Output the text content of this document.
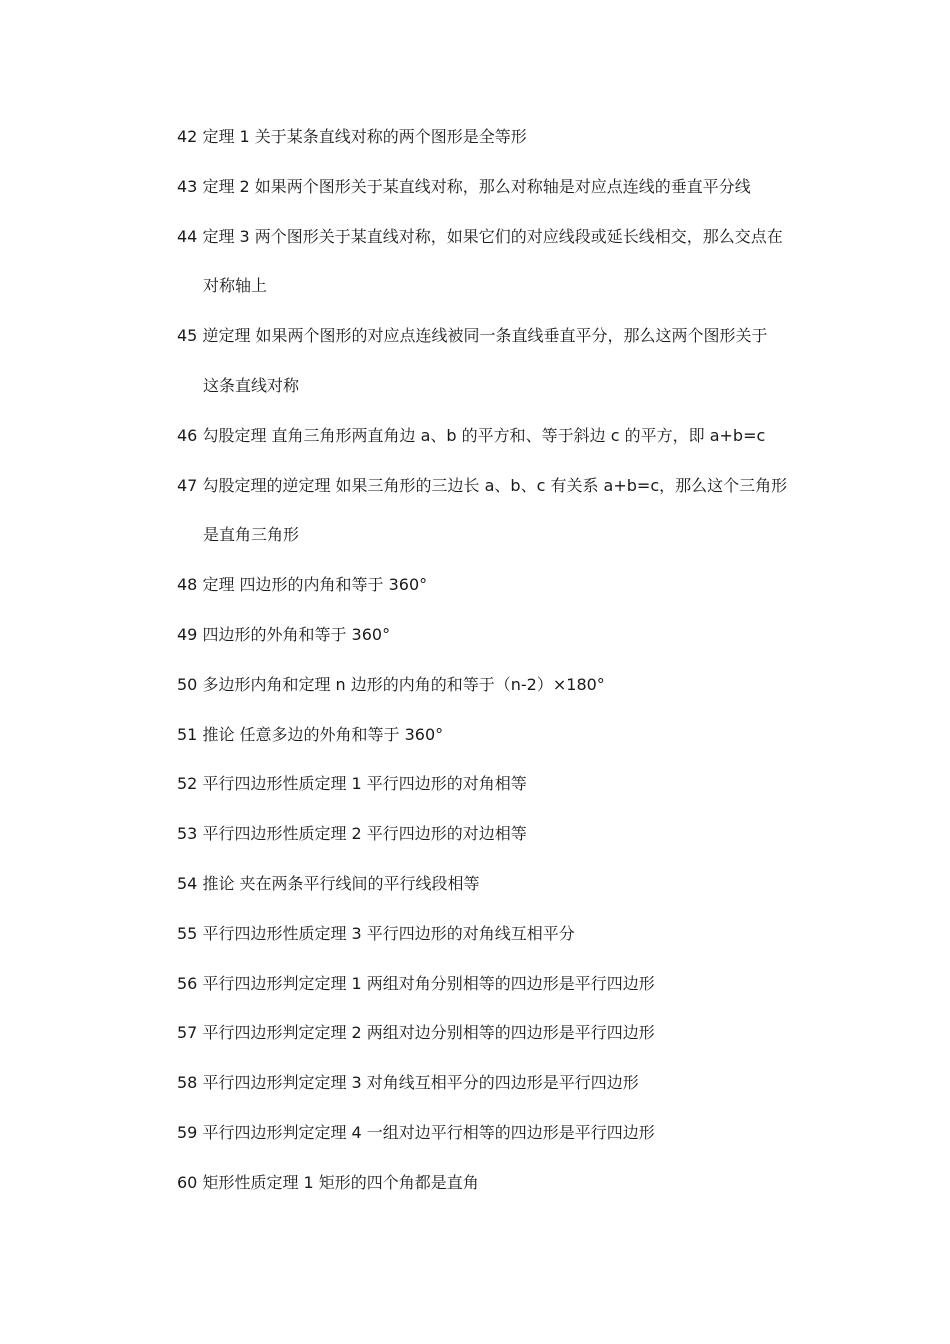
42 定理 1 关于某条直线对称的两个图形是全等形
43 定理 2 如果两个图形关于某直线对称，那么对称轴是对应点连线的垂直平分线
44 定理 3 两个图形关于某直线对称，如果它们的对应线段或延长线相交，那么交点在
对称轴上
45 逆定理 如果两个图形的对应点连线被同一条直线垂直平分，那么这两个图形关于
这条直线对称
46 勾股定理 直角三角形两直角边 a、b 的平方和、等于斜边 c 的平方，即 a+b=c
47 勾股定理的逆定理 如果三角形的三边长 a、b、c 有关系 a+b=c，那么这个三角形
是直角三角形
48 定理 四边形的内角和等于 360°
49 四边形的外角和等于 360°
50 多边形内角和定理 n 边形的内角的和等于（n-2）×180°
51 推论 任意多边的外角和等于 360°
52 平行四边形性质定理 1 平行四边形的对角相等
53 平行四边形性质定理 2 平行四边形的对边相等
54 推论 夹在两条平行线间的平行线段相等
55 平行四边形性质定理 3 平行四边形的对角线互相平分
56 平行四边形判定定理 1 两组对角分别相等的四边形是平行四边形
57 平行四边形判定定理 2 两组对边分别相等的四边形是平行四边形
58 平行四边形判定定理 3 对角线互相平分的四边形是平行四边形
59 平行四边形判定定理 4 一组对边平行相等的四边形是平行四边形
60 矩形性质定理 1 矩形的四个角都是直角
